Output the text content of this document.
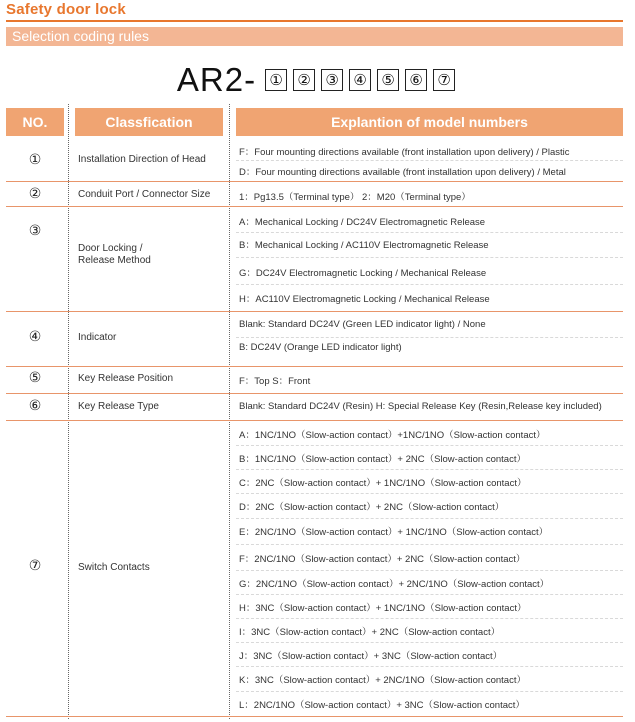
Safety door lock
Selection coding rules
AR2- ① ② ③ ④ ⑤ ⑥ ⑦
NO.	Classfication	Explantion of model numbers
①	Installation Direction of Head
F：Four mounting directions available (front installation upon delivery) / Plastic
D：Four mounting directions available (front installation upon delivery) / Metal
②	Conduit Port / Connector Size	1：Pg13.5（Terminal type） 2：M20（Terminal type）
③
Door Locking /
Release Method
A：Mechanical Locking / DC24V Electromagnetic Release
B：Mechanical Locking / AC110V Electromagnetic Release
G：DC24V Electromagnetic Locking / Mechanical Release
H：AC110V Electromagnetic Locking / Mechanical Release
④	Indicator
Blank: Standard DC24V (Green LED indicator light) / None
B: DC24V (Orange LED indicator light)
⑤	Key Release Position	F：Top S：Front
⑥	Key Release Type	Blank: Standard DC24V (Resin) H: Special Release Key (Resin,Release key included)
⑦	Switch Contacts
A：1NC/1NO（Slow-action contact）+1NC/1NO（Slow-action contact）
B：1NC/1NO（Slow-action contact）+ 2NC（Slow-action contact）
C：2NC（Slow-action contact）+ 1NC/1NO（Slow-action contact）
D：2NC（Slow-action contact）+ 2NC（Slow-action contact）
E：2NC/1NO（Slow-action contact）+ 1NC/1NO（Slow-action contact）
F：2NC/1NO（Slow-action contact）+ 2NC（Slow-action contact）
G：2NC/1NO（Slow-action contact）+ 2NC/1NO（Slow-action contact）
H：3NC（Slow-action contact）+ 1NC/1NO（Slow-action contact）
I：3NC（Slow-action contact）+ 2NC（Slow-action contact）
J：3NC（Slow-action contact）+ 3NC（Slow-action contact）
K：3NC（Slow-action contact）+ 2NC/1NO（Slow-action contact）
L：2NC/1NO（Slow-action contact）+ 3NC（Slow-action contact）
